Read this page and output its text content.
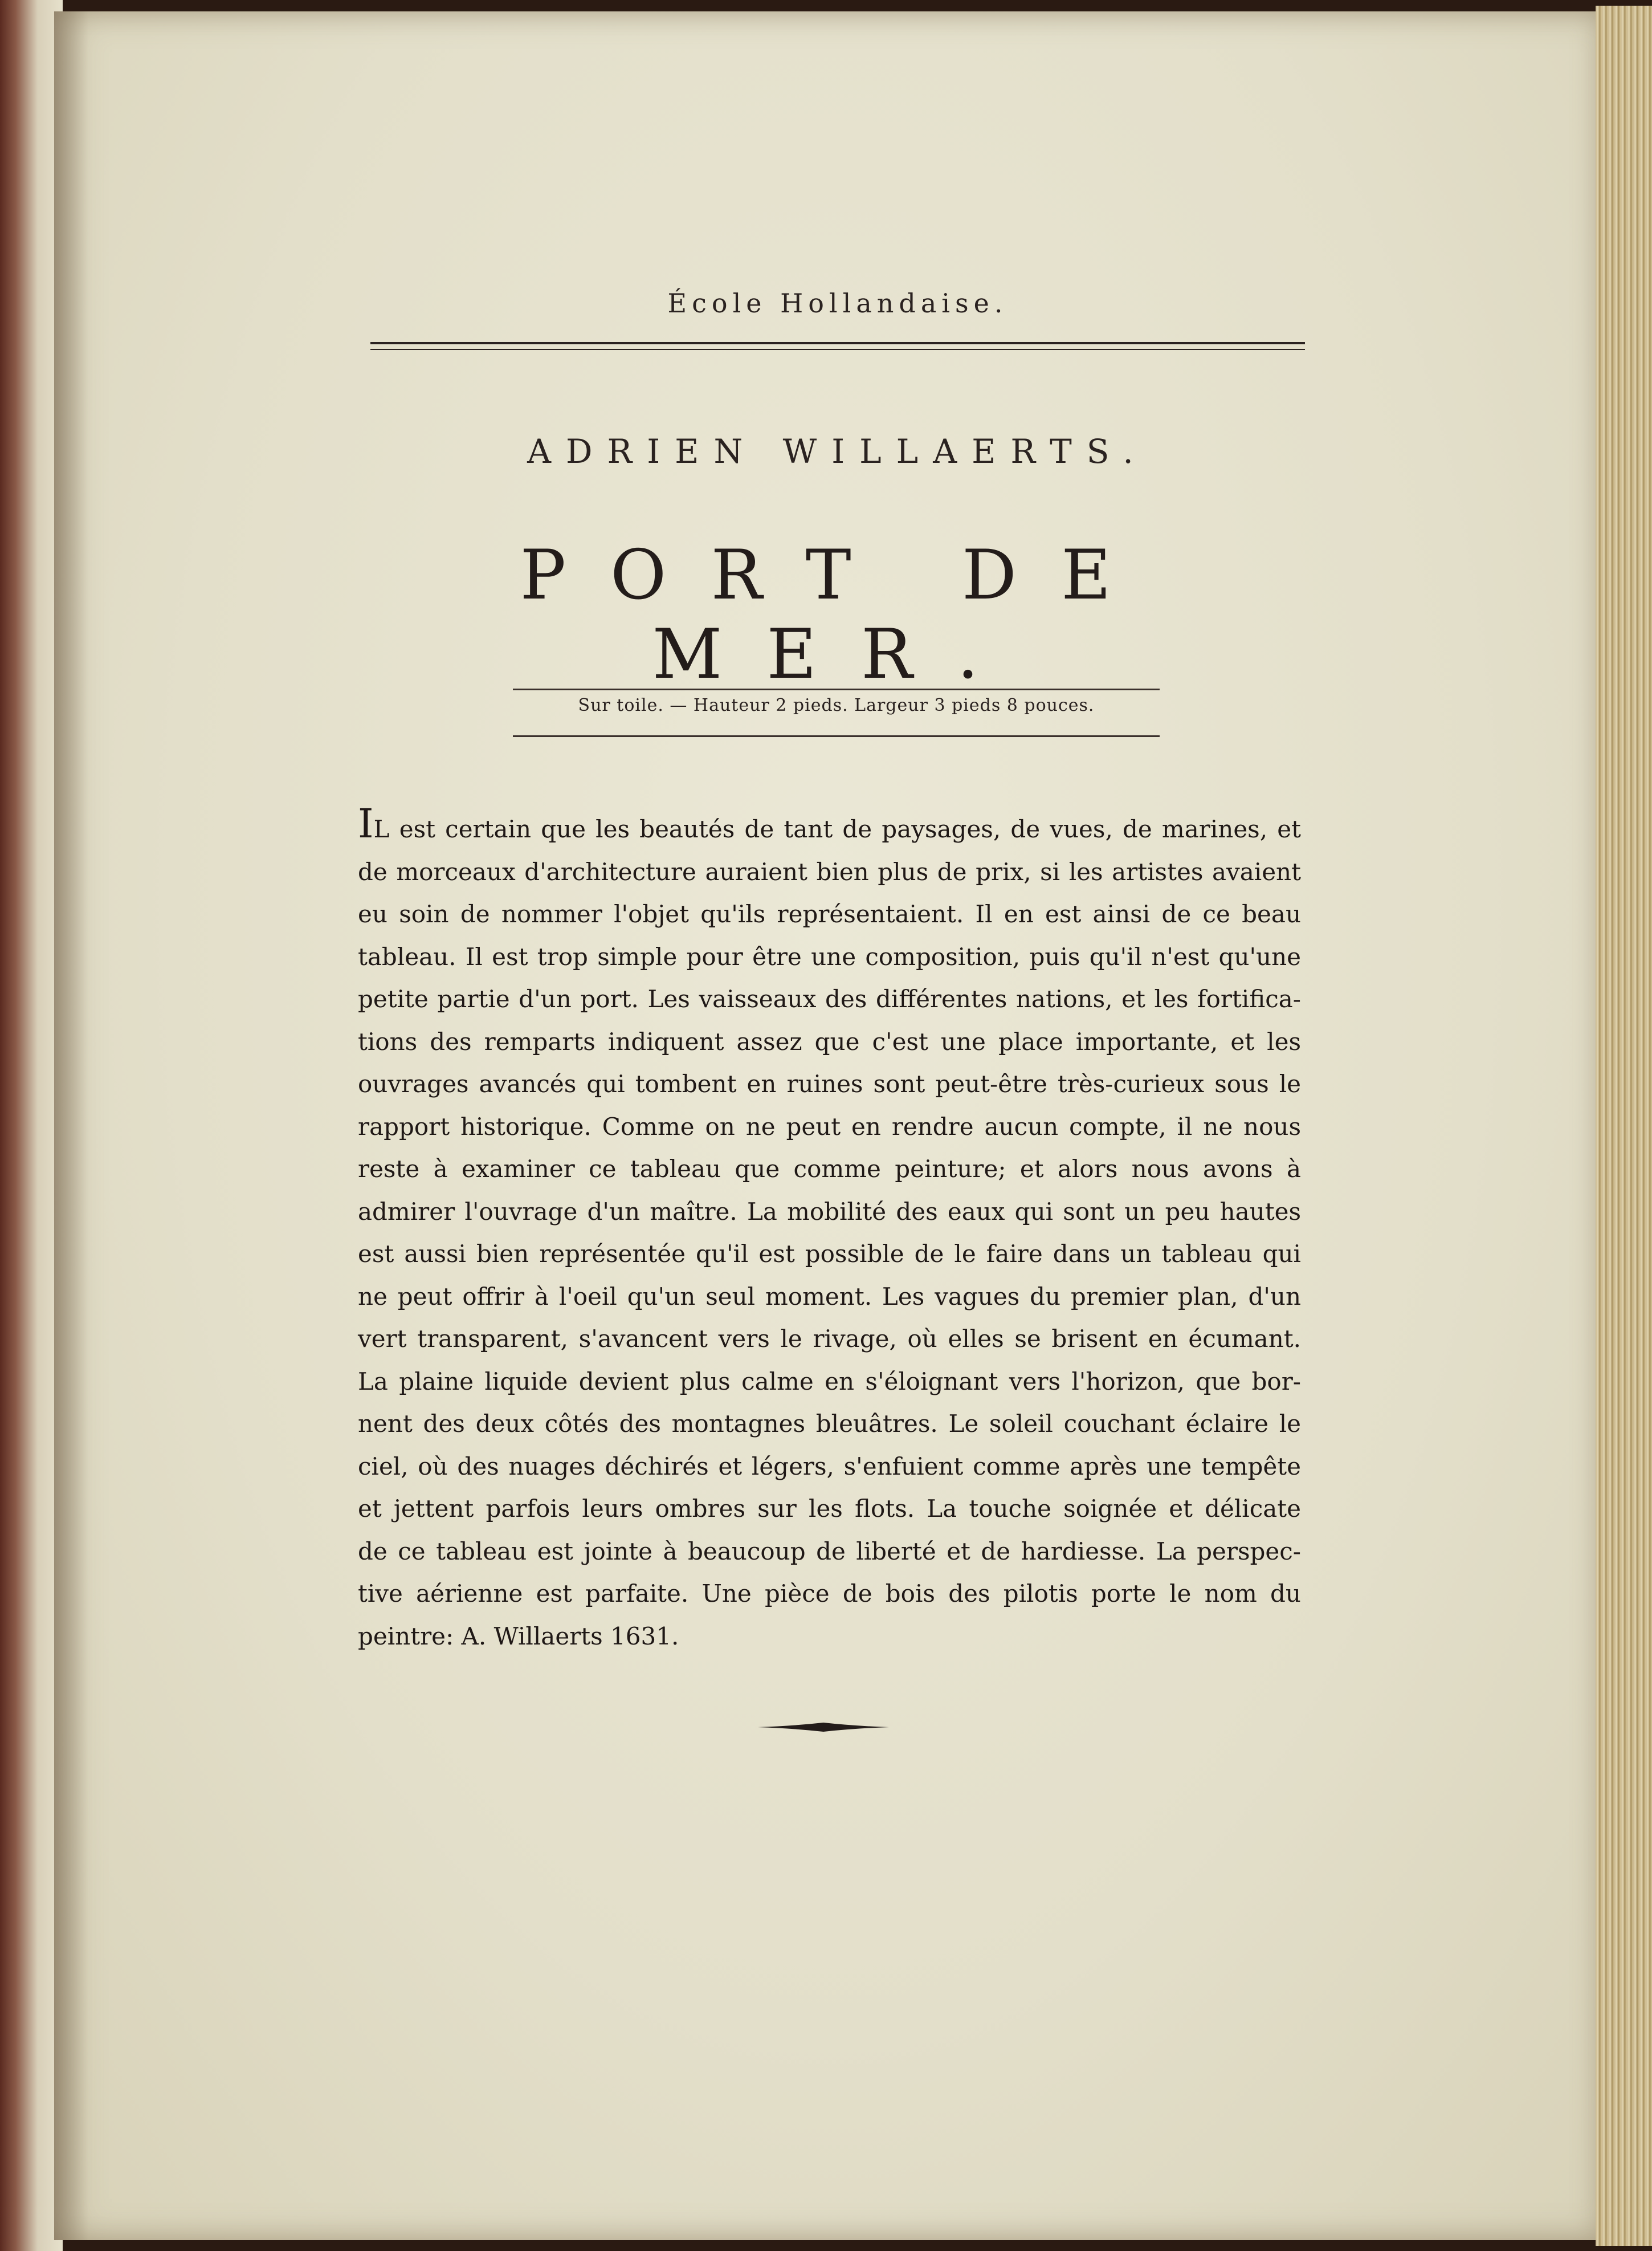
École Hollandaise.
ADRIEN WILLAERTS.
PORT DE MER.
Sur toile. — Hauteur 2 pieds. Largeur 3 pieds 8 pouces.
IL est certain que les beautés de tant de paysages, de vues, de marines, et
de morceaux d'architecture auraient bien plus de prix, si les artistes avaient
eu soin de nommer l'objet qu'ils représentaient. Il en est ainsi de ce beau
tableau. Il est trop simple pour être une composition, puis qu'il n'est qu'une
petite partie d'un port. Les vaisseaux des différentes nations, et les fortifica-
tions des remparts indiquent assez que c'est une place importante, et les
ouvrages avancés qui tombent en ruines sont peut-être très-curieux sous le
rapport historique. Comme on ne peut en rendre aucun compte, il ne nous
reste à examiner ce tableau que comme peinture; et alors nous avons à
admirer l'ouvrage d'un maître. La mobilité des eaux qui sont un peu hautes
est aussi bien représentée qu'il est possible de le faire dans un tableau qui
ne peut offrir à l'oeil qu'un seul moment. Les vagues du premier plan, d'un
vert transparent, s'avancent vers le rivage, où elles se brisent en écumant.
La plaine liquide devient plus calme en s'éloignant vers l'horizon, que bor-
nent des deux côtés des montagnes bleuâtres. Le soleil couchant éclaire le
ciel, où des nuages déchirés et légers, s'enfuient comme après une tempête
et jettent parfois leurs ombres sur les flots. La touche soignée et délicate
de ce tableau est jointe à beaucoup de liberté et de hardiesse. La perspec-
tive aérienne est parfaite. Une pièce de bois des pilotis porte le nom du
peintre: A. Willaerts 1631.
